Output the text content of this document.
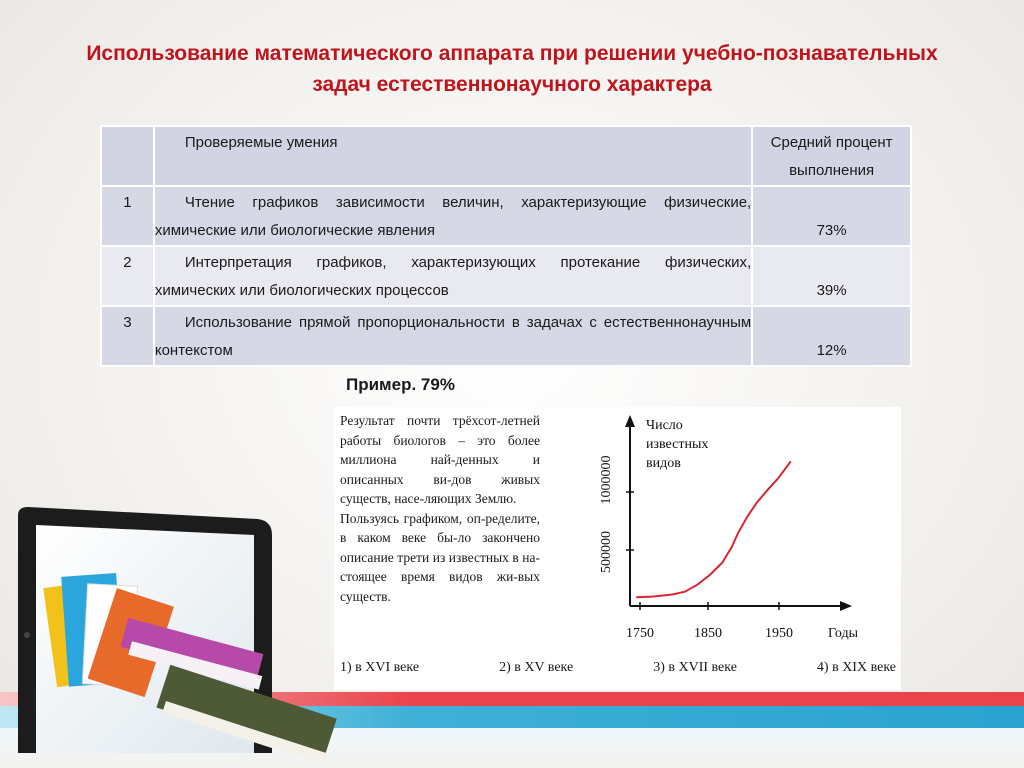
Использование математического аппарата при решении учебно-познавательных задач естественнонаучного характера
	Проверяемые умения	Средний процент
выполнения

1	Чтение графиков зависимости величин, характеризующие физические, химические или биологические явления	73%

2	Интерпретация графиков, характеризующих протекание физических, химических или биологических процессов	39%

3	Использование прямой пропорциональности в задачах с естественнонаучным контекстом	12%
Пример. 79%

Результат почти трёхсот-летней работы биологов – это более миллиона най-денных и описанных ви-дов живых существ, насе-ляющих Землю.

Пользуясь графиком, оп-ределите, в каком веке бы-ло закончено описание трети из известных в на-стоящее время видов жи-вых существ.

Число известных видов
1750	1850	1950	Годы
500000
1000000
1) в XVI веке	2) в XV веке	3) в XVII веке	4) в XIX веке
